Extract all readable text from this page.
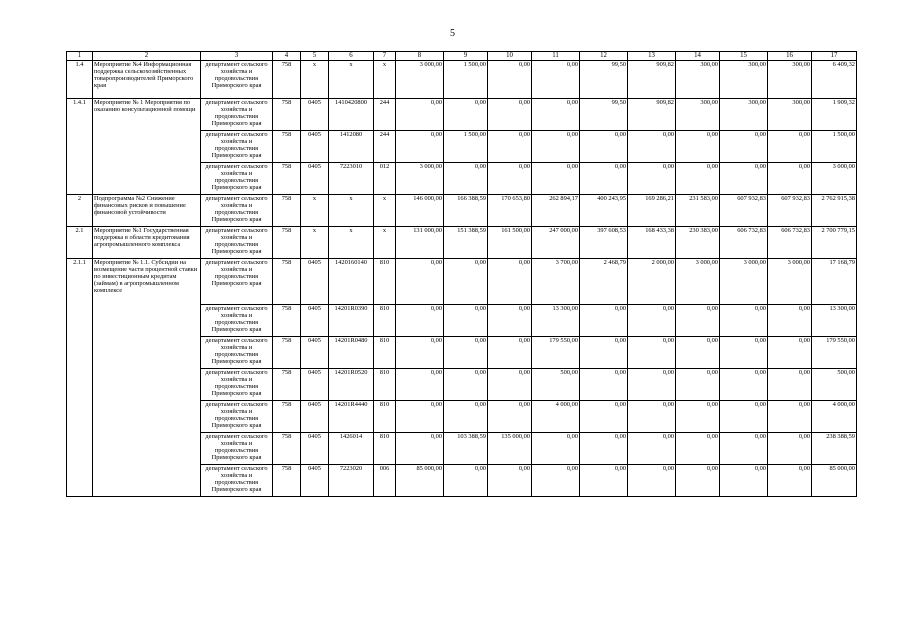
5
1	2	3	4	5	6	7	8	9	10	11	12	13	14	15	16	17
1.4	Мероприятие №4 Информационная поддержка сельскохозяйственных товаропроизводителей Приморского края	департамент сельского хозяйства и продовольствия Приморского края	758	х	х	х	3 000,00	1 500,00	0,00	0,00	99,50	909,82	300,00	300,00	300,00	6 409,32
1.4.1	Мероприятие № 1 Мероприятия по оказанию консультационной помощи	департамент сельского хозяйства и продовольствия Приморского края	758	0405	1410420800	244	0,00	0,00	0,00	0,00	99,50	909,82	300,00	300,00	300,00	1 909,32
		департамент сельского хозяйства и продовольствия Приморского края	758	0405	1412080	244	0,00	1 500,00	0,00	0,00	0,00	0,00	0,00	0,00	0,00	1 500,00
		департамент сельского хозяйства и продовольствия Приморского края	758	0405	7223010	012	3 000,00	0,00	0,00	0,00	0,00	0,00	0,00	0,00	0,00	3 000,00
2	Подпрограмма №2 Снижение финансовых рисков и повышение финансовой устойчивости	департамент сельского хозяйства и продовольствия Приморского края	758	х	х	х	146 000,00	166 388,59	170 653,80	262 894,17	400 243,95	169 286,21	231 583,00	607 932,83	607 932,83	2 762 915,38
2.1	Мероприятие №1 Государственная поддержка в области кредитования агропромышленного комплекса	департамент сельского хозяйства и продовольствия Приморского края	758	х	х	х	131 000,00	151 388,59	161 500,00	247 000,00	397 608,53	168 433,38	230 383,00	606 732,83	606 732,83	2 700 779,15
2.1.1	Мероприятие № 1.1. Субсидии на возмещение части процентной ставки по инвестиционным кредитам (займам) в агропромышленном комплексе	департамент сельского хозяйства и продовольствия Приморского края	758	0405	1420160140	810	0,00	0,00	0,00	3 700,00	2 468,79	2 000,00	3 000,00	3 000,00	3 000,00	17 168,79
		департамент сельского хозяйства и продовольствия Приморского края	758	0405	14201R0390	810	0,00	0,00	0,00	13 300,00	0,00	0,00	0,00	0,00	0,00	13 300,00
		департамент сельского хозяйства и продовольствия Приморского края	758	0405	14201R0480	810	0,00	0,00	0,00	179 550,00	0,00	0,00	0,00	0,00	0,00	179 550,00
		департамент сельского хозяйства и продовольствия Приморского края	758	0405	14201R0520	810	0,00	0,00	0,00	500,00	0,00	0,00	0,00	0,00	0,00	500,00
		департамент сельского хозяйства и продовольствия Приморского края	758	0405	14201R4440	810	0,00	0,00	0,00	4 000,00	0,00	0,00	0,00	0,00	0,00	4 000,00
		департамент сельского хозяйства и продовольствия Приморского края	758	0405	1426014	810	0,00	103 388,59	135 000,00	0,00	0,00	0,00	0,00	0,00	0,00	238 388,59
		департамент сельского хозяйства и продовольствия Приморского края	758	0405	7223020	006	85 000,00	0,00	0,00	0,00	0,00	0,00	0,00	0,00	0,00	85 000,00
